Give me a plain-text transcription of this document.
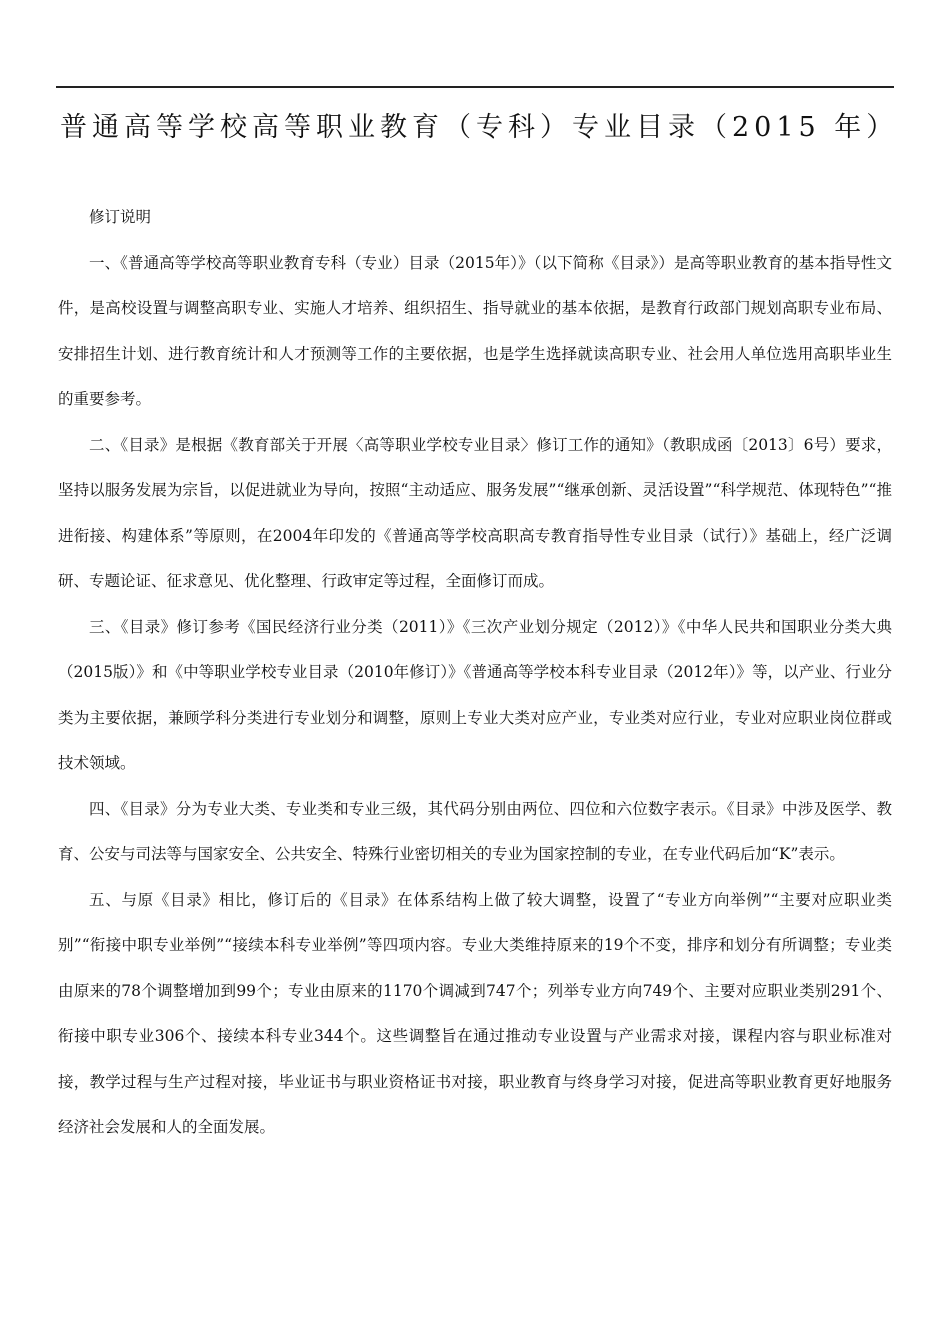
普通高等学校高等职业教育（专科）专业目录（2015 年）

修订说明

一、《普通高等学校高等职业教育专科（专业）目录（2015年）》（以下简称《目录》）是高等职业教育的基本指导性文件，是高校设置与调整高职专业、实施人才培养、组织招生、指导就业的基本依据，是教育行政部门规划高职专业布局、安排招生计划、进行教育统计和人才预测等工作的主要依据，也是学生选择就读高职专业、社会用人单位选用高职毕业生的重要参考。

二、《目录》是根据《教育部关于开展〈高等职业学校专业目录〉修订工作的通知》（教职成函〔2013〕6号）要求，坚持以服务发展为宗旨，以促进就业为导向，按照“主动适应、服务发展”“继承创新、灵活设置”“科学规范、体现特色”“推进衔接、构建体系”等原则，在2004年印发的《普通高等学校高职高专教育指导性专业目录（试行）》基础上，经广泛调研、专题论证、征求意见、优化整理、行政审定等过程，全面修订而成。

三、《目录》修订参考《国民经济行业分类（2011）》《三次产业划分规定（2012）》《中华人民共和国职业分类大典（2015版）》和《中等职业学校专业目录（2010年修订）》《普通高等学校本科专业目录（2012年）》等，以产业、行业分类为主要依据，兼顾学科分类进行专业划分和调整，原则上专业大类对应产业，专业类对应行业，专业对应职业岗位群或技术领域。

四、《目录》分为专业大类、专业类和专业三级，其代码分别由两位、四位和六位数字表示。《目录》中涉及医学、教育、公安与司法等与国家安全、公共安全、特殊行业密切相关的专业为国家控制的专业，在专业代码后加“K”表示。

五、与原《目录》相比，修订后的《目录》在体系结构上做了较大调整，设置了“专业方向举例”“主要对应职业类别”“衔接中职专业举例”“接续本科专业举例”等四项内容。专业大类维持原来的19个不变，排序和划分有所调整；专业类由原来的78个调整增加到99个；专业由原来的1170个调减到747个；列举专业方向749个、主要对应职业类别291个、衔接中职专业306个、接续本科专业344个。这些调整旨在通过推动专业设置与产业需求对接，课程内容与职业标准对接，教学过程与生产过程对接，毕业证书与职业资格证书对接，职业教育与终身学习对接，促进高等职业教育更好地服务经济社会发展和人的全面发展。
